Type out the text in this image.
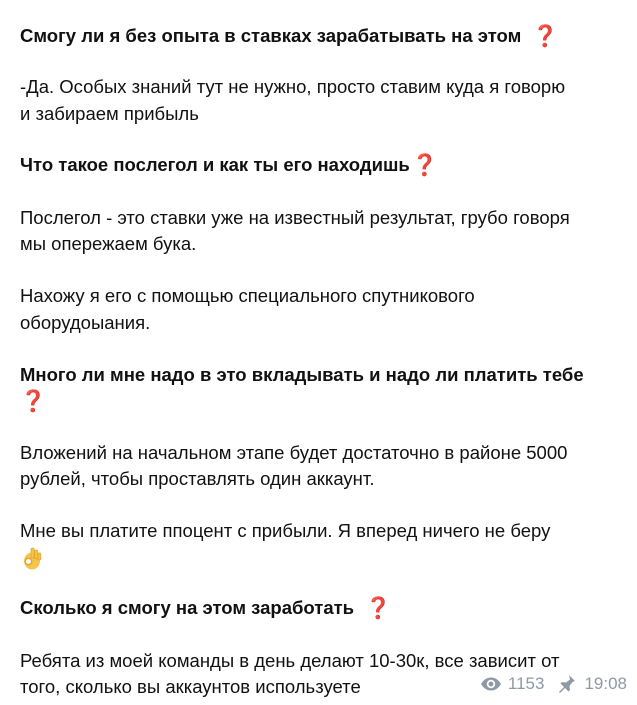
Смогу ли я без опыта в ставках зарабатывать на этом ❓
-Да. Особых знаний тут не нужно, просто ставим куда я говорю
и забираем прибыль
Что такое послегол и как ты его находишь❓
Послегол - это ставки уже на известный результат, грубо говоря
мы опережаем бука.
Нахожу я его с помощью специального спутникового
оборудоыания.
Много ли мне надо в это вкладывать и надо ли платить тебе
❓
Вложений на начальном этапе будет достаточно в районе 5000
рублей, чтобы проставлять один аккаунт.
Мне вы платите ппоцент с прибыли. Я вперед ничего не беру
Сколько я смогу на этом заработать ❓
Ребята из моей команды в день делают 10-30к, все зависит от
того, сколько вы аккаунтов используете	1153 19:08
